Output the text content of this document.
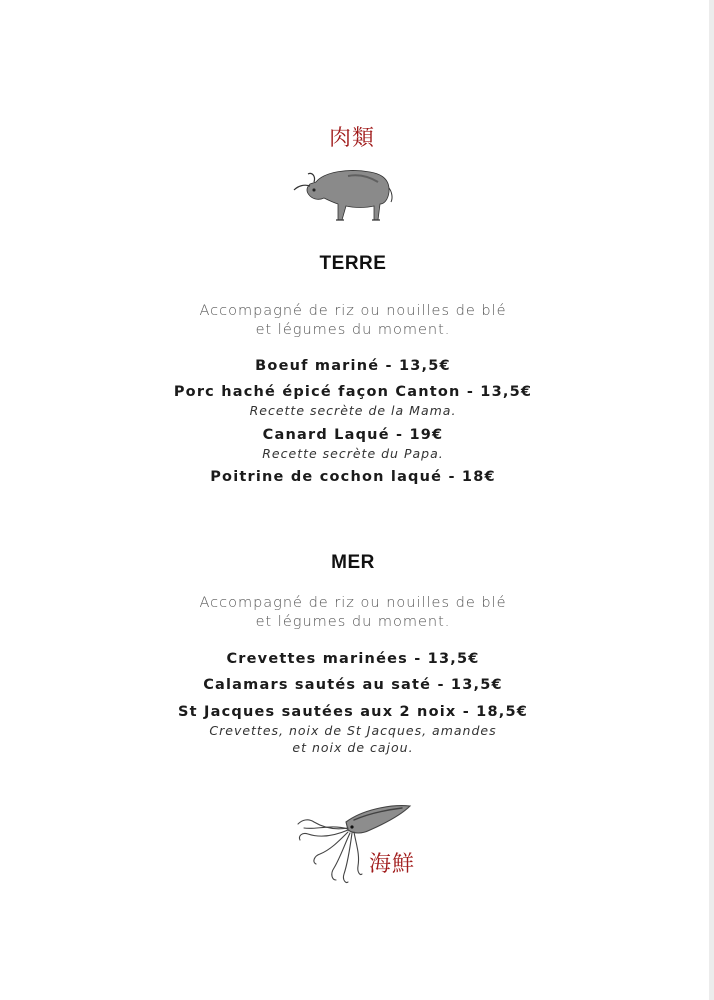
肉類
TERRE
Accompagné de riz ou nouilles de blé
et légumes du moment.
Boeuf mariné - 13,5€
Porc haché épicé façon Canton - 13,5€
Recette secrète de la Mama.
Canard Laqué - 19€
Recette secrète du Papa.
Poitrine de cochon laqué - 18€
MER
Accompagné de riz ou nouilles de blé
et légumes du moment.
Crevettes marinées - 13,5€
Calamars sautés au saté - 13,5€
St Jacques sautées aux 2 noix - 18,5€
Crevettes, noix de St Jacques, amandes
et noix de cajou.
海鮮
